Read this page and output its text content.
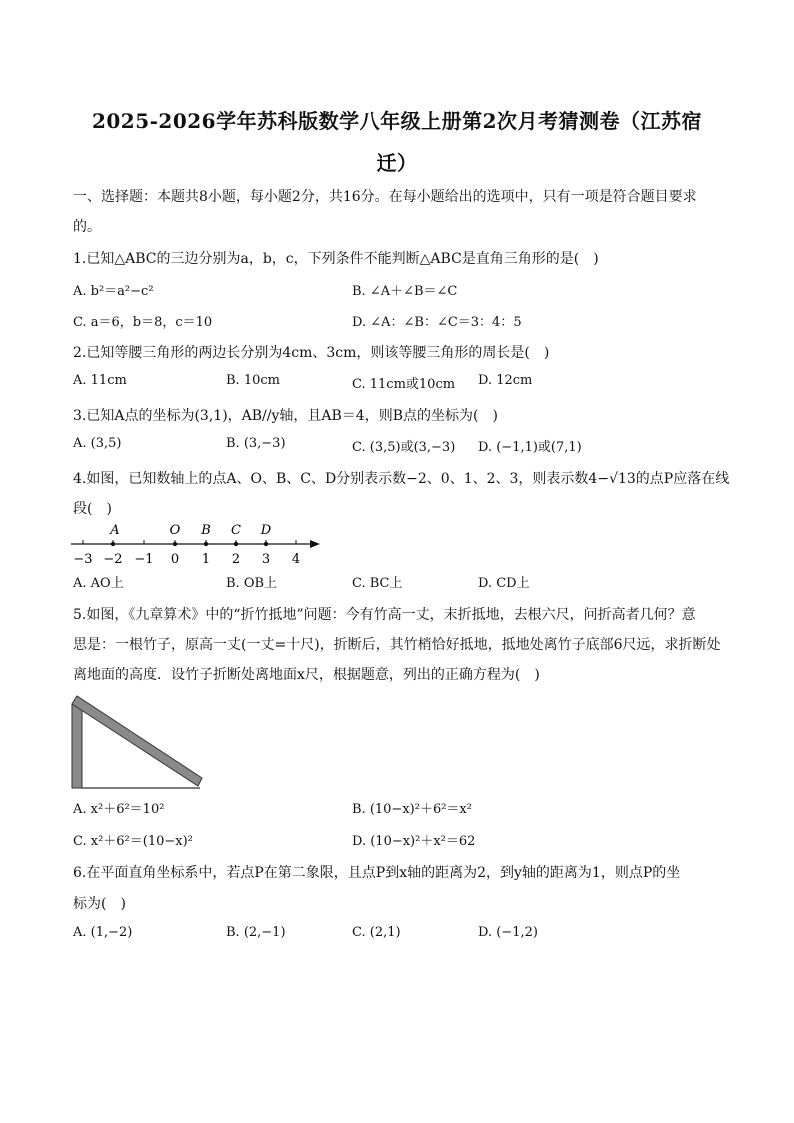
2025-2026学年苏科版数学八年级上册第2次月考猜测卷（江苏宿
迁）
一、选择题：本题共8小题，每小题2分，共16分。在每小题给出的选项中，只有一项是符合题目要求
的。
1.已知△ABC的三边分别为a，b，c，下列条件不能判断△ABC是直角三角形的是(　)
A. b²＝a²−c²	B. ∠A＋∠B＝∠C
C. a＝6，b＝8，c＝10	D. ∠A：∠B：∠C＝3：4：5
2.已知等腰三角形的两边长分别为4cm、3cm，则该等腰三角形的周长是(　)
A. 11cm	B. 10cm	C. 11cm或10cm D. 12cm
3.已知A点的坐标为(3,1)，AB//y轴，且AB＝4，则B点的坐标为(　)
A. (3,5)	B. (3,−3)	C. (3,5)或(3,−3) D. (−1,1)或(7,1)
4.如图，已知数轴上的点A、O、B、C、D分别表示数−2、0、1、2、3，则表示数4−√13的点P应落在线
段(　)
A	O B C D
−3 −2 −1 0 1 2 3 4
A. AO上	B. OB上	C. BC上	D. CD上
5.如图，《九章算术》中的“折竹抵地”问题：今有竹高一丈，末折抵地，去根六尺，问折高者几何？意
思是：一根竹子，原高一丈(一丈=十尺)，折断后，其竹梢恰好抵地，抵地处离竹子底部6尺远，求折断处
离地面的高度．设竹子折断处离地面x尺，根据题意，列出的正确方程为(　)
A. x²＋6²＝10²	B. (10−x)²＋6²＝x²
C. x²＋6²＝(10−x)²	D. (10−x)²＋x²＝62
6.在平面直角坐标系中，若点P在第二象限，且点P到x轴的距离为2，到y轴的距离为1，则点P的坐
标为(　)
A. (1,−2)	B. (2,−1)	C. (2,1)	D. (−1,2)
